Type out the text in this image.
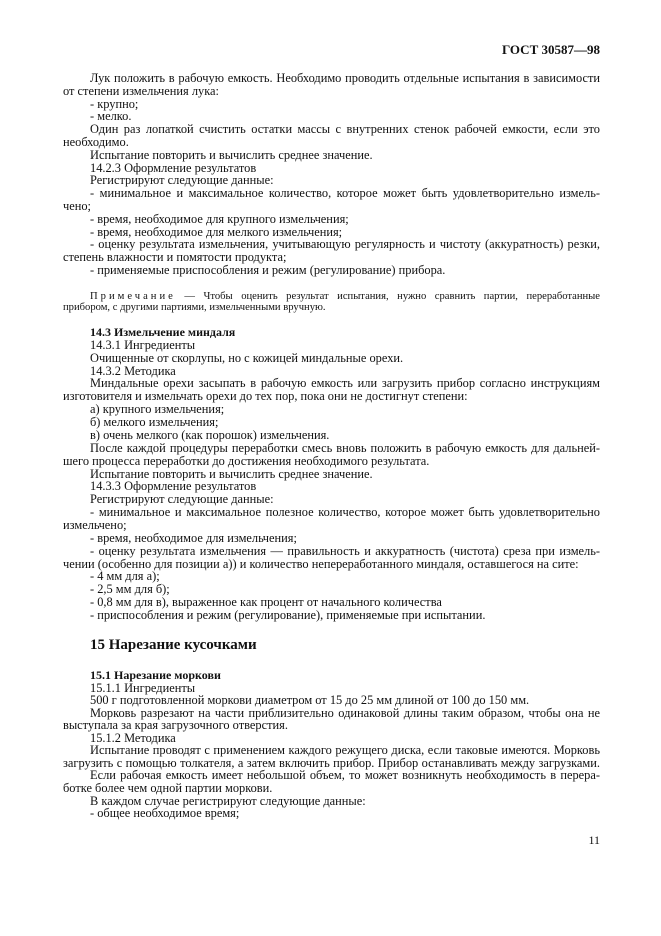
ГОСТ 30587—98
Лук положить в рабочую емкость. Необходимо проводить отдельные испытания в зависимости
от степени измельчения лука:
- крупно;
- мелко.
Один раз лопаткой счистить остатки массы с внутренних стенок рабочей емкости, если это
необходимо.
Испытание повторить и вычислить среднее значение.
14.2.3 Оформление результатов
Регистрируют следующие данные:
- минимальное и максимальное количество, которое может быть удовлетворительно измель-
чено;
- время, необходимое для крупного измельчения;
- время, необходимое для мелкого измельчения;
- оценку результата измельчения, учитывающую регулярность и чистоту (аккуратность) резки,
степень влажности и помятости продукта;
- применяемые приспособления и режим (регулирование) прибора.
Примечание — Чтобы оценить результат испытания, нужно сравнить партии, переработанные
прибором, с другими партиями, измельченными вручную.
14.3 Измельчение миндаля
14.3.1 Ингредиенты
Очищенные от скорлупы, но с кожицей миндальные орехи.
14.3.2 Методика
Миндальные орехи засыпать в рабочую емкость или загрузить прибор согласно инструкциям
изготовителя и измельчать орехи до тех пор, пока они не достигнут степени:
а) крупного измельчения;
б) мелкого измельчения;
в) очень мелкого (как порошок) измельчения.
После каждой процедуры переработки смесь вновь положить в рабочую емкость для дальней-
шего процесса переработки до достижения необходимого результата.
Испытание повторить и вычислить среднее значение.
14.3.3 Оформление результатов
Регистрируют следующие данные:
- минимальное и максимальное полезное количество, которое может быть удовлетворительно
измельчено;
- время, необходимое для измельчения;
- оценку результата измельчения — правильность и аккуратность (чистота) среза при измель-
чении (особенно для позиции а)) и количество непереработанного миндаля, оставшегося на сите:
- 4 мм для а);
- 2,5 мм для б);
- 0,8 мм для в), выраженное как процент от начального количества
- приспособления и режим (регулирование), применяемые при испытании.
15 Нарезание кусочками
15.1 Нарезание моркови
15.1.1 Ингредиенты
500 г подготовленной моркови диаметром от 15 до 25 мм длиной от 100 до 150 мм.
Морковь разрезают на части приблизительно одинаковой длины таким образом, чтобы она не
выступала за края загрузочного отверстия.
15.1.2 Методика
Испытание проводят с применением каждого режущего диска, если таковые имеются. Морковь
загрузить с помощью толкателя, а затем включить прибор. Прибор останавливать между загрузками.
Если рабочая емкость имеет небольшой объем, то может возникнуть необходимость в перера-
ботке более чем одной партии моркови.
В каждом случае регистрируют следующие данные:
- общее необходимое время;
11
